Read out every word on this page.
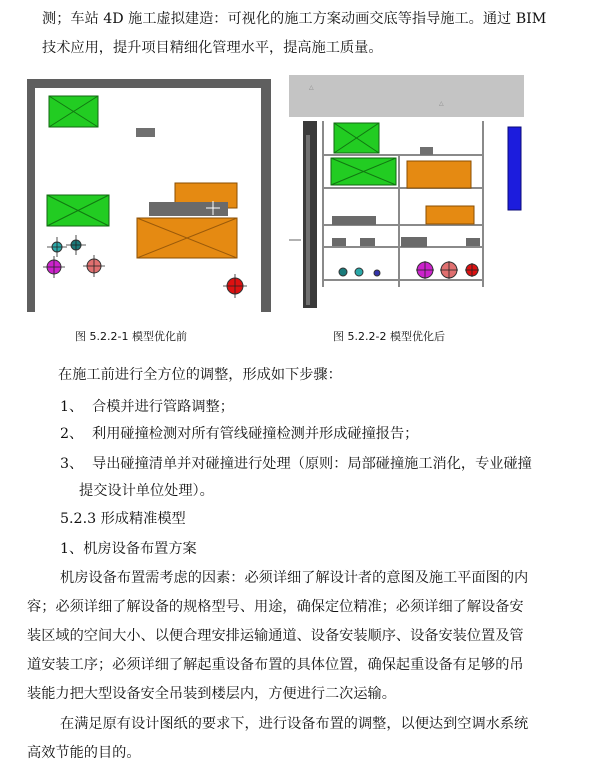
测；车站 4D 施工虚拟建造：可视化的施工方案动画交底等指导施工。通过 BIM
技术应用，提升项目精细化管理水平，提高施工质量。
图 5.2.2-1 模型优化前
△
△
图 5.2.2-2 模型优化后
在施工前进行全方位的调整，形成如下步骤：
1、 合模并进行管路调整；
2、 利用碰撞检测对所有管线碰撞检测并形成碰撞报告；
3、 导出碰撞清单并对碰撞进行处理（原则：局部碰撞施工消化，专业碰撞
提交设计单位处理）。
5.2.3 形成精准模型
1、机房设备布置方案
机房设备布置需考虑的因素：必须详细了解设计者的意图及施工平面图的内
容；必须详细了解设备的规格型号、用途，确保定位精准；必须详细了解设备安
装区域的空间大小、以便合理安排运输通道、设备安装顺序、设备安装位置及管
道安装工序；必须详细了解起重设备布置的具体位置，确保起重设备有足够的吊
装能力把大型设备安全吊装到楼层内，方便进行二次运输。
在满足原有设计图纸的要求下，进行设备布置的调整，以便达到空调水系统
高效节能的目的。
